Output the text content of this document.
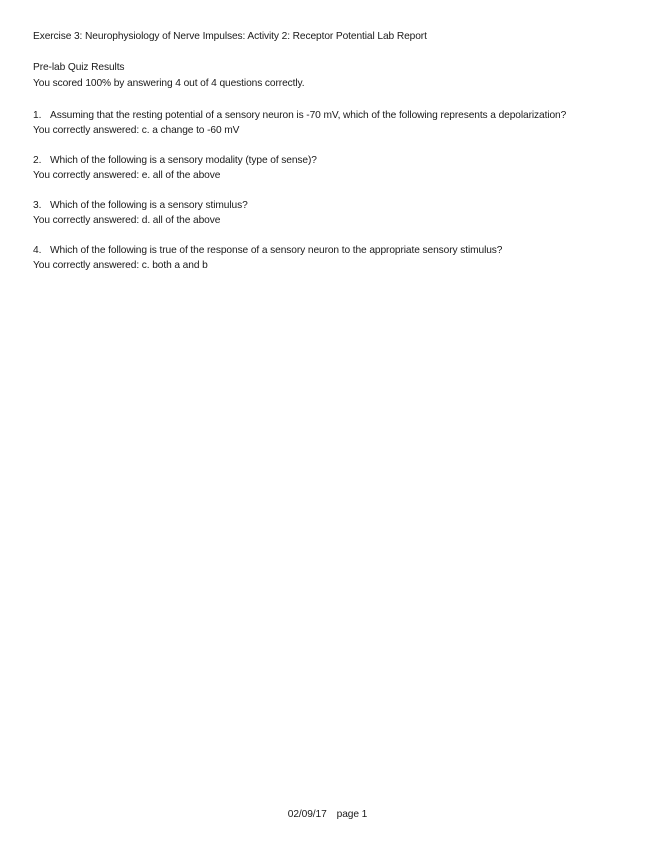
Exercise 3: Neurophysiology of Nerve Impulses: Activity 2: Receptor Potential Lab Report
Pre-lab Quiz Results
You scored 100% by answering 4 out of 4 questions correctly.
1. Assuming that the resting potential of a sensory neuron is -70 mV, which of the following represents a depolarization?
You correctly answered: c. a change to -60 mV
2. Which of the following is a sensory modality (type of sense)?
You correctly answered: e. all of the above
3. Which of the following is a sensory stimulus?
You correctly answered: d. all of the above
4. Which of the following is true of the response of a sensory neuron to the appropriate sensory stimulus?
You correctly answered: c. both a and b
02/09/17 page 1
